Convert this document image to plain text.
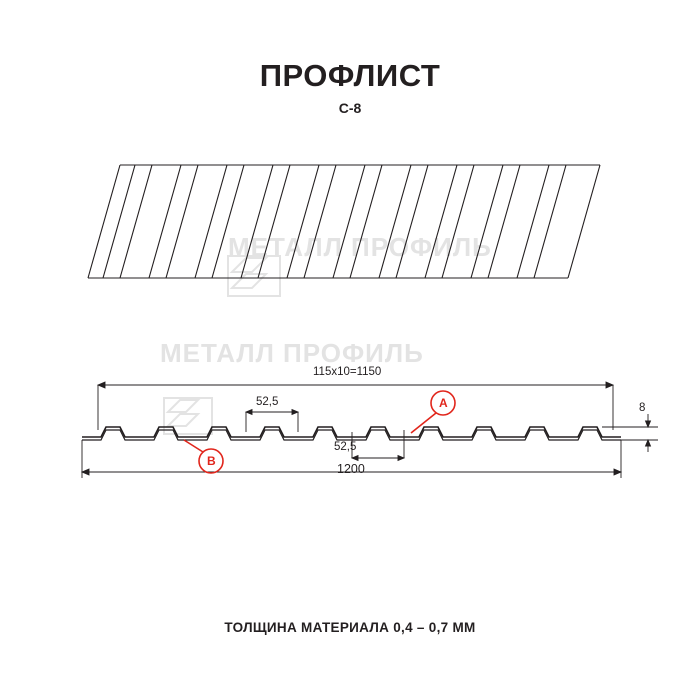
ПРОФЛИСТ
С-8
МЕТАЛЛ ПРОФИЛЬ
МЕТАЛЛ ПРОФИЛЬ
115х10=1150
52,5
52,5
1200
8
A
B
ТОЛЩИНА МАТЕРИАЛА 0,4 – 0,7 ММ
